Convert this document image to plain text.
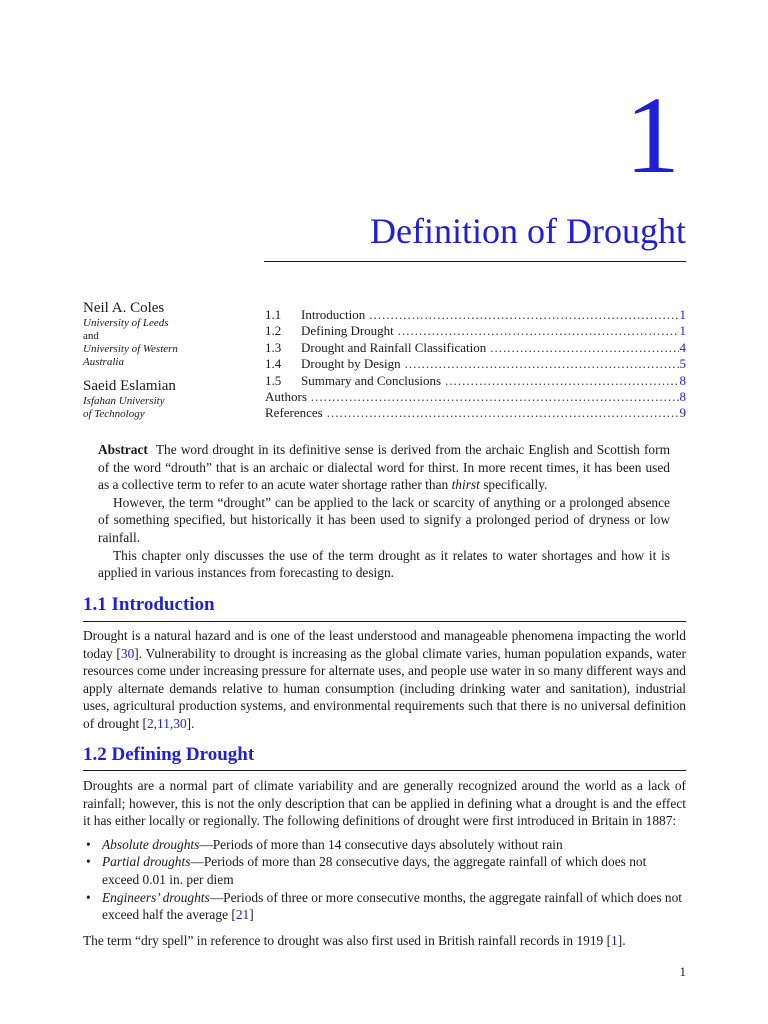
1
Definition of Drought
Neil A. Coles
University of Leeds
and
University of Western
Australia
Saeid Eslamian
Isfahan University
of Technology
1.1	Introduction .....	1
1.2	Defining Drought .....	1
1.3	Drought and Rainfall Classification .....	4
1.4	Drought by Design .....	5
1.5	Summary and Conclusions .....	8
Authors .....	8
References .....	9

Abstract The word drought in its definitive sense is derived from the archaic English and Scottish form of the word “drouth” that is an archaic or dialectal word for thirst. In more recent times, it has been used as a collective term to refer to an acute water shortage rather than thirst specifically.

However, the term “drought” can be applied to the lack or scarcity of anything or a prolonged absence of something specified, but historically it has been used to signify a prolonged period of dryness or low rainfall.

This chapter only discusses the use of the term drought as it relates to water shortages and how it is applied in various instances from forecasting to design.

1.1 Introduction

Drought is a natural hazard and is one of the least understood and manageable phenomena impacting the world today [30]. Vulnerability to drought is increasing as the global climate varies, human population expands, water resources come under increasing pressure for alternate uses, and people use water in so many different ways and apply alternate demands relative to human consumption (including drinking water and sanitation), industrial uses, agricultural production systems, and environmental requirements such that there is no universal definition of drought [2,11,30].

1.2 Defining Drought

Droughts are a normal part of climate variability and are generally recognized around the world as a lack of rainfall; however, this is not the only description that can be applied in defining what a drought is and the effect it has either locally or regionally. The following definitions of drought were first introduced in Britain in 1887:

• Absolute droughts—Periods of more than 14 consecutive days absolutely without rain
• Partial droughts—Periods of more than 28 consecutive days, the aggregate rainfall of which does not exceed 0.01 in. per diem
• Engineers’ droughts—Periods of three or more consecutive months, the aggregate rainfall of which does not exceed half the average [21]

The term “dry spell” in reference to drought was also first used in British rainfall records in 1919 [1].

1
